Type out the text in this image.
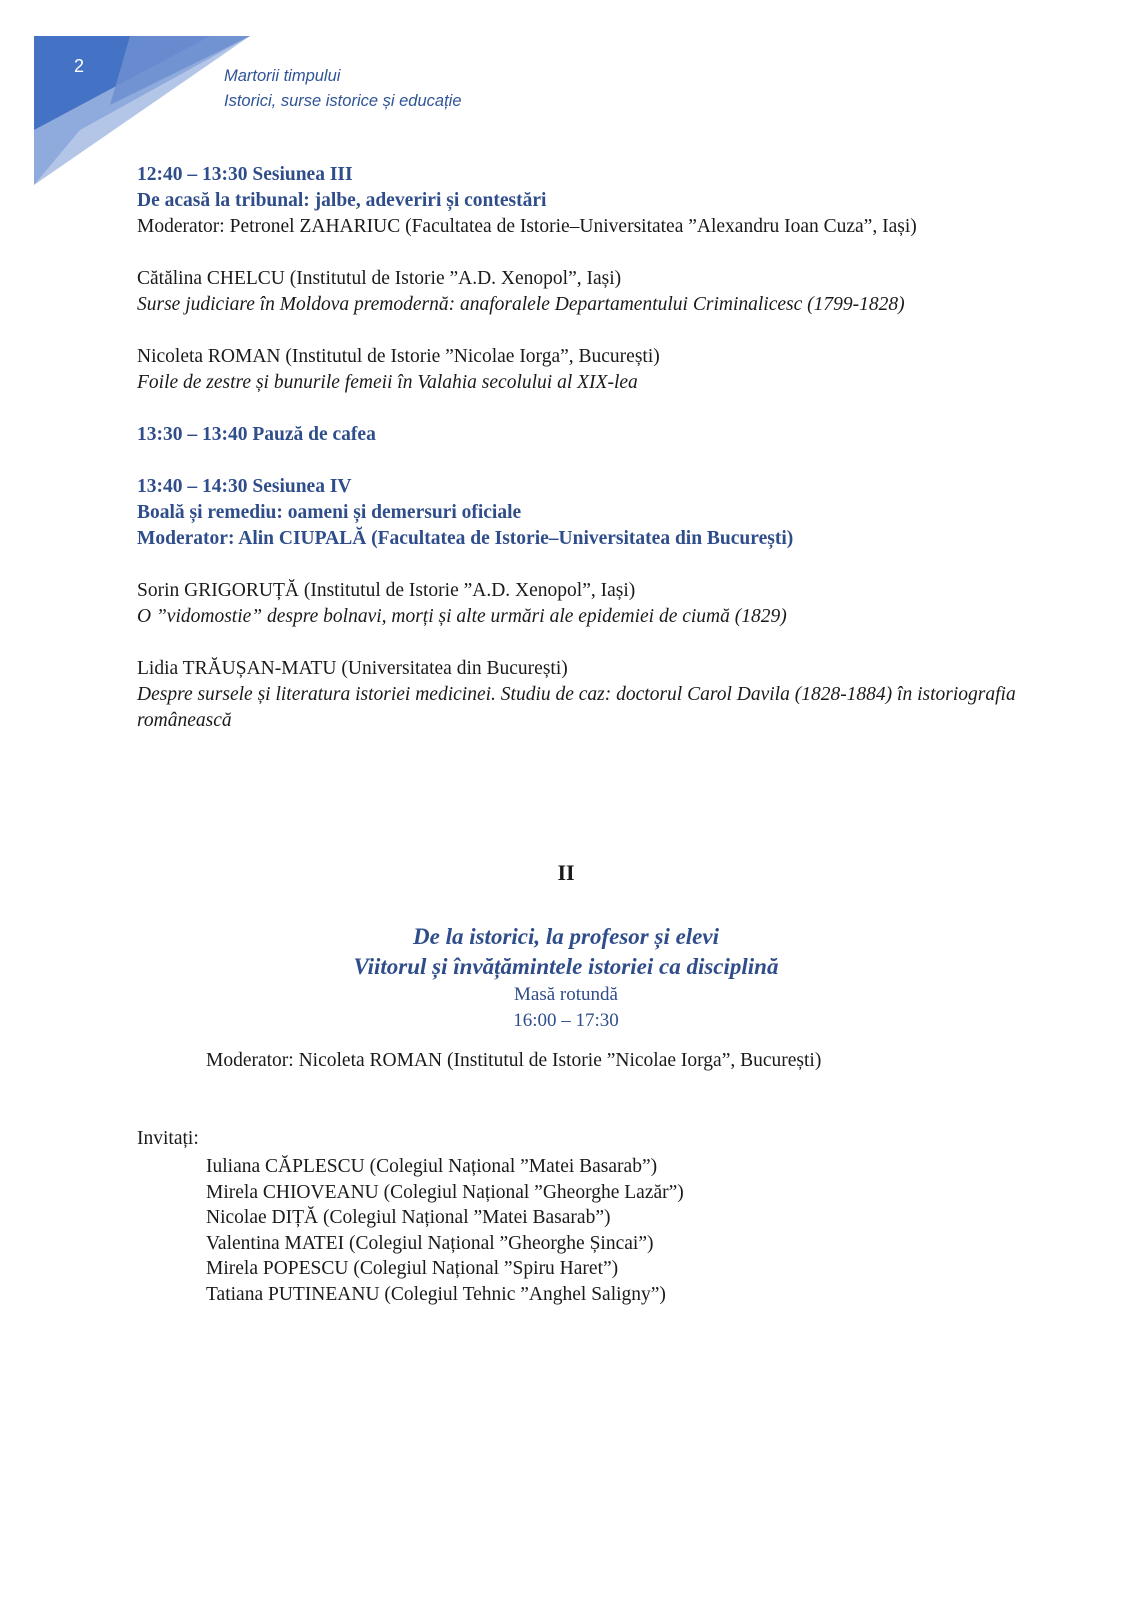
2	Martorii timpului
Istorici, surse istorice și educație
12:40 – 13:30 Sesiunea III
De acasă la tribunal: jalbe, adeveriri și contestări
Moderator: Petronel ZAHARIUC (Facultatea de Istorie–Universitatea ”Alexandru Ioan Cuza”, Iași)
Cătălina CHELCU (Institutul de Istorie ”A.D. Xenopol”, Iași)
Surse judiciare în Moldova premodernă: anaforalele Departamentului Criminalicesc (1799-1828)
Nicoleta ROMAN (Institutul de Istorie ”Nicolae Iorga”, București)
Foile de zestre și bunurile femeii în Valahia secolului al XIX-lea
13:30 – 13:40 Pauză de cafea
13:40 – 14:30 Sesiunea IV
Boală și remediu: oameni și demersuri oficiale
Moderator: Alin CIUPALĂ (Facultatea de Istorie–Universitatea din București)
Sorin GRIGORUȚĂ (Institutul de Istorie ”A.D. Xenopol”, Iași)
O ”vidomostie” despre bolnavi, morți și alte urmări ale epidemiei de ciumă (1829)
Lidia TRĂUȘAN-MATU (Universitatea din București)
Despre sursele și literatura istoriei medicinei. Studiu de caz: doctorul Carol Davila (1828-1884) în istoriografia românească
II
De la istorici, la profesor și elevi
Viitorul și învățămintele istoriei ca disciplină
Masă rotundă
16:00 – 17:30
Moderator: Nicoleta ROMAN (Institutul de Istorie ”Nicolae Iorga”, București)
Invitați:
Iuliana CĂPLESCU (Colegiul Național ”Matei Basarab”)
Mirela CHIOVEANU (Colegiul Național ”Gheorghe Lazăr”)
Nicolae DIȚĂ (Colegiul Național ”Matei Basarab”)
Valentina MATEI (Colegiul Național ”Gheorghe Șincai”)
Mirela POPESCU (Colegiul Național ”Spiru Haret”)
Tatiana PUTINEANU (Colegiul Tehnic ”Anghel Saligny”)
